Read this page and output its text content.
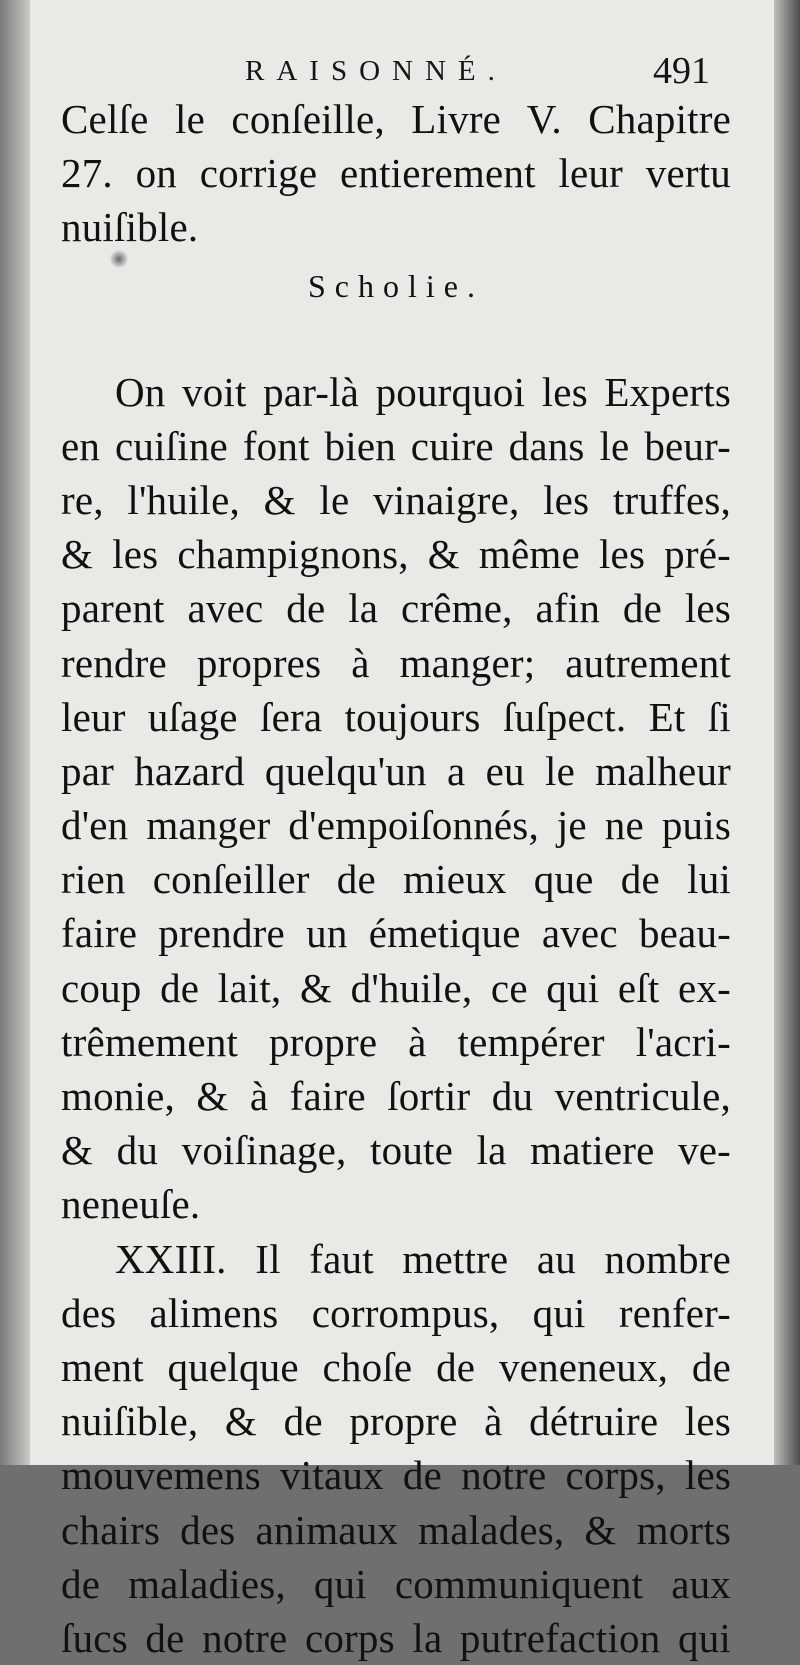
RAISONNÉ.	491
Celſe le conſeille, Livre V. Chapitre
27. on corrige entierement leur vertu
nuiſible.
Scholie.
On voit par-là pourquoi les Experts
en cuiſine font bien cuire dans le beur-
re, l'huile, & le vinaigre, les truffes,
& les champignons, & même les pré-
parent avec de la crême, afin de les
rendre propres à manger; autrement
leur uſage ſera toujours ſuſpect. Et ſi
par hazard quelqu'un a eu le malheur
d'en manger d'empoiſonnés, je ne puis
rien conſeiller de mieux que de lui
faire prendre un émetique avec beau-
coup de lait, & d'huile, ce qui eſt ex-
trêmement propre à tempérer l'acri-
monie, & à faire ſortir du ventricule,
& du voiſinage, toute la matiere ve-
neneuſe.
XXIII. Il faut mettre au nombre
des alimens corrompus, qui renfer-
ment quelque choſe de veneneux, de
nuiſible, & de propre à détruire les
mouvemens vitaux de notre corps, les
chairs des animaux malades, & morts
de maladies, qui communiquent aux
ſucs de notre corps la putrefaction qui
